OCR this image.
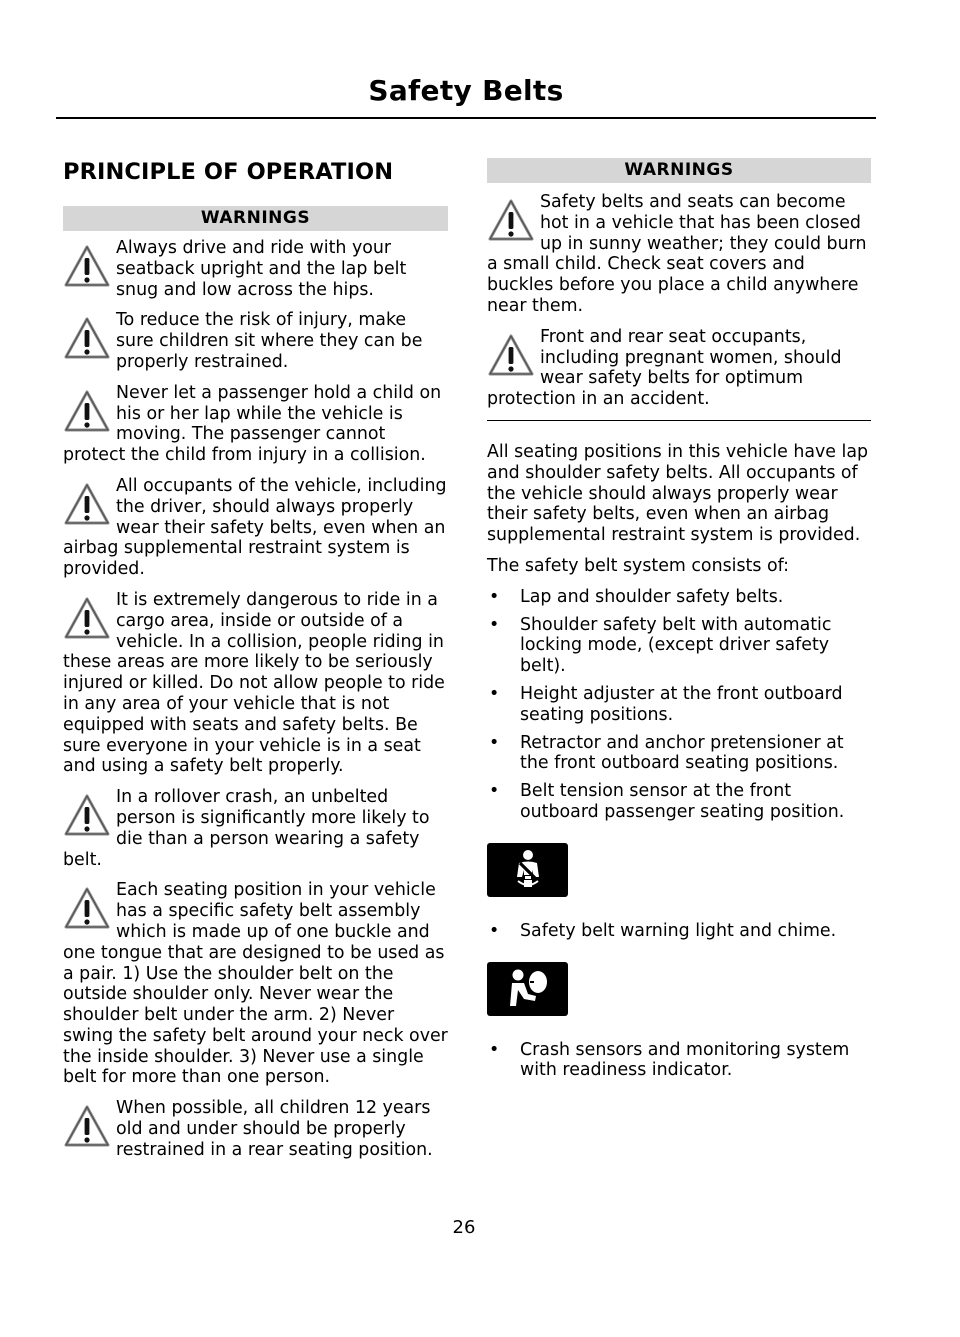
Safety Belts
PRINCIPLE OF OPERATION
WARNINGS
Always drive and ride with your seatback upright and the lap belt snug and low across the hips.
To reduce the risk of injury, make sure children sit where they can be properly restrained.
Never let a passenger hold a child on his or her lap while the vehicle is moving. The passenger cannot protect the child from injury in a collision.
All occupants of the vehicle, including the driver, should always properly wear their safety belts, even when an airbag supplemental restraint system is provided.
It is extremely dangerous to ride in a cargo area, inside or outside of a vehicle. In a collision, people riding in these areas are more likely to be seriously injured or killed. Do not allow people to ride in any area of your vehicle that is not equipped with seats and safety belts. Be sure everyone in your vehicle is in a seat and using a safety belt properly.
In a rollover crash, an unbelted person is significantly more likely to die than a person wearing a safety belt.
Each seating position in your vehicle has a specific safety belt assembly which is made up of one buckle and one tongue that are designed to be used as a pair. 1) Use the shoulder belt on the outside shoulder only. Never wear the shoulder belt under the arm. 2) Never swing the safety belt around your neck over the inside shoulder. 3) Never use a single belt for more than one person.
When possible, all children 12 years old and under should be properly restrained in a rear seating position.
WARNINGS
Safety belts and seats can become hot in a vehicle that has been closed up in sunny weather; they could burn a small child. Check seat covers and buckles before you place a child anywhere near them.
Front and rear seat occupants, including pregnant women, should wear safety belts for optimum protection in an accident.
All seating positions in this vehicle have lap and shoulder safety belts. All occupants of the vehicle should always properly wear their safety belts, even when an airbag supplemental restraint system is provided.
The safety belt system consists of:
• Lap and shoulder safety belts.
• Shoulder safety belt with automatic locking mode, (except driver safety belt).
• Height adjuster at the front outboard seating positions.
• Retractor and anchor pretensioner at the front outboard seating positions.
• Belt tension sensor at the front outboard passenger seating position.
• Safety belt warning light and chime.
• Crash sensors and monitoring system with readiness indicator.
26
